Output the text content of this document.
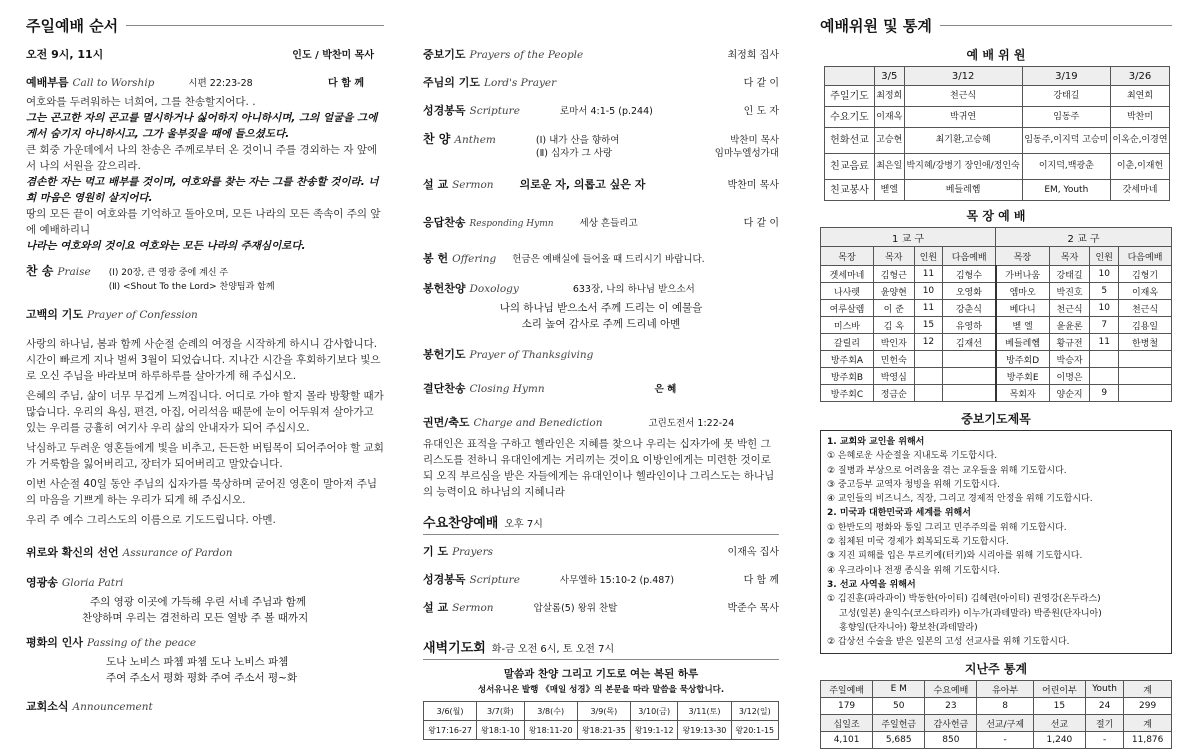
주일예배 순서
오전 9시, 11시	인도 / 박찬미 목사
예배부름 Call to Worship	시편 22:23-28	다 함 께

여호와를 두려워하는 너희여, 그를 찬송할지어다. .

그는 곤고한 자의 곤고를 멸시하거나 싫어하지 아니하시며, 그의 얼굴을 그에게서 숨기지 아니하시고, 그가 울부짖을 때에 들으셨도다.

큰 회중 가운데에서 나의 찬송은 주께로부터 온 것이니 주를 경외하는 자 앞에서 나의 서원을 갚으리라.

겸손한 자는 먹고 배부를 것이며, 여호와를 찾는 자는 그를 찬송할 것이라. 너희 마음은 영원히 살지어다.

땅의 모든 끝이 여호와를 기억하고 돌아오며, 모든 나라의 모든 족속이 주의 앞에 예배하리니

나라는 여호와의 것이요 여호와는 모든 나라의 주재심이로다.

찬 송 Praise (Ⅰ) 20장, 큰 영광 중에 계신 주
(Ⅱ) <Shout To the Lord> 찬양팀과 함께
고백의 기도 Prayer of Confession

사랑의 하나님, 봄과 함께 사순절 순례의 여정을 시작하게 하시니 감사합니다. 시간이 빠르게 지나 벌써 3월이 되었습니다. 지나간 시간을 후회하기보다 빛으로 오신 주님을 바라보며 하루하루를 살아가게 해 주십시오.

은혜의 주님, 삶이 너무 무겁게 느껴집니다. 어디로 가야 할지 몰라 방황할 때가 많습니다. 우리의 욕심, 편견, 아집, 어리석음 때문에 눈이 어두워져 살아가고 있는 우리를 긍휼히 여기사 우리 삶의 안내자가 되어 주십시오.

낙심하고 두려운 영혼들에게 빛을 비추고, 든든한 버팀목이 되어주어야 할 교회가 거룩함을 잃어버리고, 장터가 되어버리고 말았습니다.

이번 사순절 40일 동안 주님의 십자가를 묵상하며 굳어진 영혼이 말아져 주님의 마음을 기쁘게 하는 우리가 되게 해 주십시오.

우리 주 예수 그리스도의 이름으로 기도드립니다. 아멘.

위로와 확신의 선언 Assurance of Pardon
영광송 Gloria Patri
주의 영광 이곳에 가득해 우린 서네 주님과 함께
찬양하며 우리는 겸전하리 모든 열방 주 볼 때까지
평화의 인사 Passing of the peace
도나 노비스 파쳄 파쳄 도나 노비스 파쳄
주여 주소서 평화 평화 주여 주소서 평~화
교회소식 Announcement
중보기도 Prayers of the People	최정희 집사
주님의 기도 Lord's Prayer	다 같 이
성경봉독 Scripture	로마서 4:1-5 (p.244)	인 도 자
찬 양 Anthem	(Ⅰ) 내가 산을 향하여
(Ⅱ) 십자가 그 사랑
박찬미 목사
임마누엘성가대
설 교 Sermon 의로운 자, 의롭고 싶은 자	박찬미 목사
응답찬송 Responding Hymn	세상 흔들리고	다 같 이
봉 헌 Offering 헌금은 예배실에 들어올 때 드리시기 바랍니다.
봉헌찬양 Doxology	633장, 나의 하나님 받으소서
나의 하나님 받으소서 주께 드리는 이 예물을
소리 높여 감사로 주께 드리네 아멘
봉헌기도 Prayer of Thanksgiving
결단찬송 Closing Hymn	은 혜
권면/축도 Charge and Benediction	고린도전서 1:22-24

유대인은 표적을 구하고 헬라인은 지혜를 찾으나 우리는 십자가에 못 박힌 그리스도를 전하니 유대인에게는 거리끼는 것이요 이방인에게는 미련한 것이로되 오직 부르심을 받은 자들에게는 유대인이나 헬라인이나 그리스도는 하나님의 능력이요 하나님의 지혜니라

수요찬양예배 오후 7시
기 도 Prayers	이재옥 집사
성경봉독 Scripture	사무엘하 15:10-2 (p.487)	다 함 께
설 교 Sermon	압살롬(5) 왕위 찬탈	박준수 목사
새벽기도회 화-금 오전 6시, 토 오전 7시
말씀과 찬양 그리고 기도로 여는 복된 하루
성서유니온 발행 《매일 성경》의 본문을 따라 말씀을 묵상합니다.
3/6(월)	3/7(화)	3/8(수)	3/9(목)	3/10(금)	3/11(토)	3/12(일)
왕17:16-27	왕18:1-10	왕18:11-20	왕18:21-35	왕19:1-12	왕19:13-30	왕20:1-15
예배위원 및 통계
예 배 위 원
	3/5	3/12	3/19	3/26
주일기도	최정희	천근식	강태길	최연희
수요기도	이재옥	박귀연	임동주	박찬미
헌화선교	고승현	최기환,고승혜	임동주,이지덕 고승미	이옥순,이경연
친교음료	최은일	박지혜/강병기 장인애/정인숙	이지덕,백광춘	이춘,이재헌
친교봉사	벧엘	베들레헴	EM, Youth	갓세마네
목 장 예 배
1 교 구				2 교 구			
목장	목자	인원	다음예배	목장	목자	인원	다음예배
겟세마네	김형근	11	김형수	가버나움	강태길	10	김형기
나사렛	윤양현	10	오영화	엠마오	박진호	5	이재옥
여루살렘	이 준	11	강춘식	베다니	천근식	10	천근식
미스바	김 옥	15	유영하	벧 엘	윤윤론	7	김용일
갈릴리	박인자	12	김재선	베들레헴	황규전	11	한병철
방주회A	민헌숙			방주회D	박승자		
방주회B	박영심			방주회E	이명은		
방주회C	정금순			목회자	양순지	9	
중보기도제목
1. 교회와 교인을 위해서
① 은혜로운 사순절을 지내도록 기도합시다.
② 질병과 부상으로 어려움을 겪는 교우들을 위해 기도합시다.
③ 중고등부 교역자 청빙을 위해 기도합시다.
④ 교인들의 비즈니스, 직장, 그리고 경제적 안정을 위해 기도합시다.
2. 미국과 대한민국과 세계를 위해서
① 한반도의 평화와 통일 그리고 민주주의를 위해 기도합시다.
② 침체된 미국 경제가 회복되도록 기도합시다.
③ 지진 피해를 입은 투르키예(터키)와 시리아를 위해 기도합시다.
④ 우크라이나 전쟁 종식을 위해 기도합시다.
3. 선교 사역을 위해서
① 김진훈(파라과이) 박동한(아이티) 김혜련(아이티) 권영강(온두라스)
고성(일본) 윤익수(코스타리카) 이누가(과테말라) 박종원(단자니아)
홍향일(단자니아) 황보찬(과테말라)
② 갑상선 수술을 받은 일본의 고성 선교사를 위해 기도합시다.
지난주 통계
주일예배	E M	수요예배	유아부	어린이부	Youth	계
179	50	23	8	15	24	299
십일조	주일헌금	감사헌금	선교/구제	선교	절기	계
4,101	5,685	850	-	1,240	-	11,876
